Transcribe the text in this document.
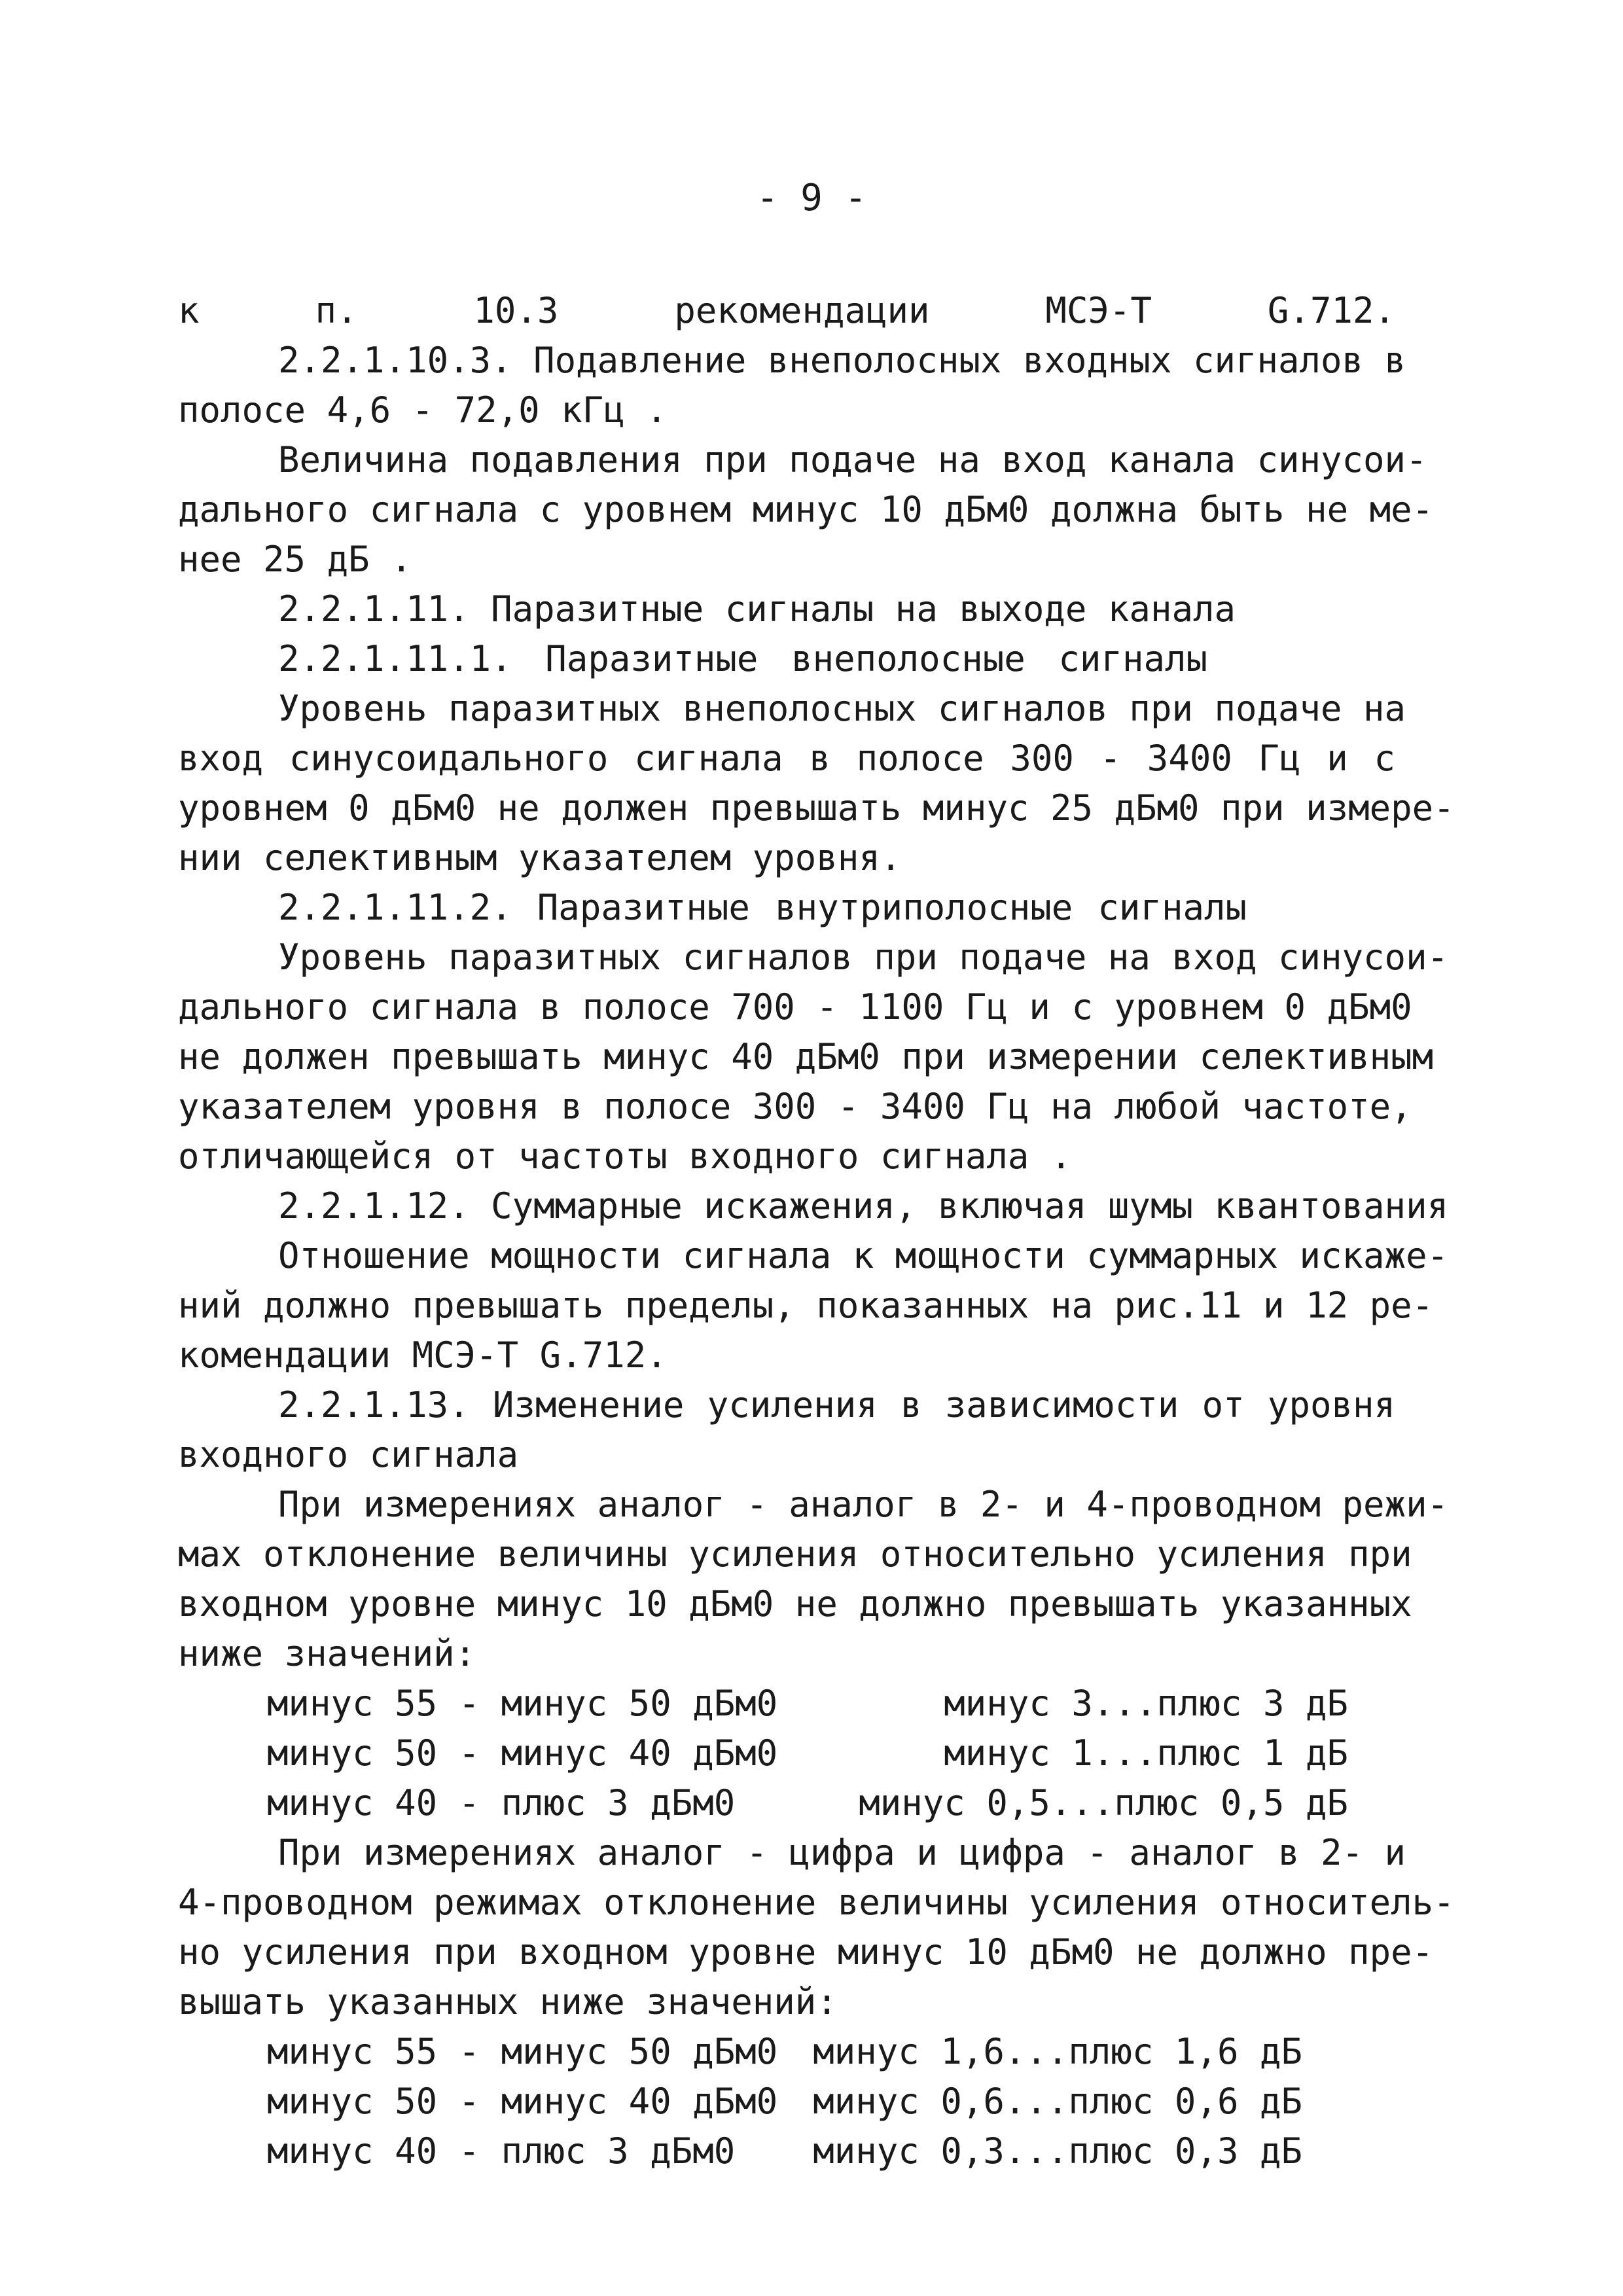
- 9 -

к п. 10.3 рекомендации МСЭ-Т G.712.

2.2.1.10.3. Подавление внеполосных входных сигналов в

полосе 4,6 - 72,0 кГц .

Величина подавления при подаче на вход канала синусои-

дального сигнала с уровнем минус 10 дБм0 должна быть не ме-

нее 25 дБ .

2.2.1.11. Паразитные сигналы на выходе канала

2.2.1.11.1. Паразитные внеполосные сигналы

Уровень паразитных внеполосных сигналов при подаче на

вход синусоидального сигнала в полосе 300 - 3400 Гц и с

уровнем 0 дБм0 не должен превышать минус 25 дБм0 при измере-

нии селективным указателем уровня.

2.2.1.11.2. Паразитные внутриполосные сигналы

Уровень паразитных сигналов при подаче на вход синусои-

дального сигнала в полосе 700 - 1100 Гц и с уровнем 0 дБм0

не должен превышать минус 40 дБм0 при измерении селективным

указателем уровня в полосе 300 - 3400 Гц на любой частоте,

отличающейся от частоты входного сигнала .

2.2.1.12. Суммарные искажения, включая шумы квантования

Отношение мощности сигнала к мощности суммарных искаже-

ний должно превышать пределы, показанных на рис.11 и 12 ре-

комендации МСЭ-Т G.712.

2.2.1.13. Изменение усиления в зависимости от уровня

входного сигнала

При измерениях аналог - аналог в 2- и 4-проводном режи-

мах отклонение величины усиления относительно усиления при

входном уровне минус 10 дБм0 не должно превышать указанных

ниже значений:

минус 55 - минус 50 дБм0	минус 3...плюс 3 дБ

минус 50 - минус 40 дБм0	минус 1...плюс 1 дБ

минус 40 - плюс 3 дБм0	минус 0,5...плюс 0,5 дБ

При измерениях аналог - цифра и цифра - аналог в 2- и

4-проводном режимах отклонение величины усиления относитель-

но усиления при входном уровне минус 10 дБм0 не должно пре-

вышать указанных ниже значений:

минус 55 - минус 50 дБм0 минус 1,6...плюс 1,6 дБ

минус 50 - минус 40 дБм0 минус 0,6...плюс 0,6 дБ

минус 40 - плюс 3 дБм0 минус 0,3...плюс 0,3 дБ
